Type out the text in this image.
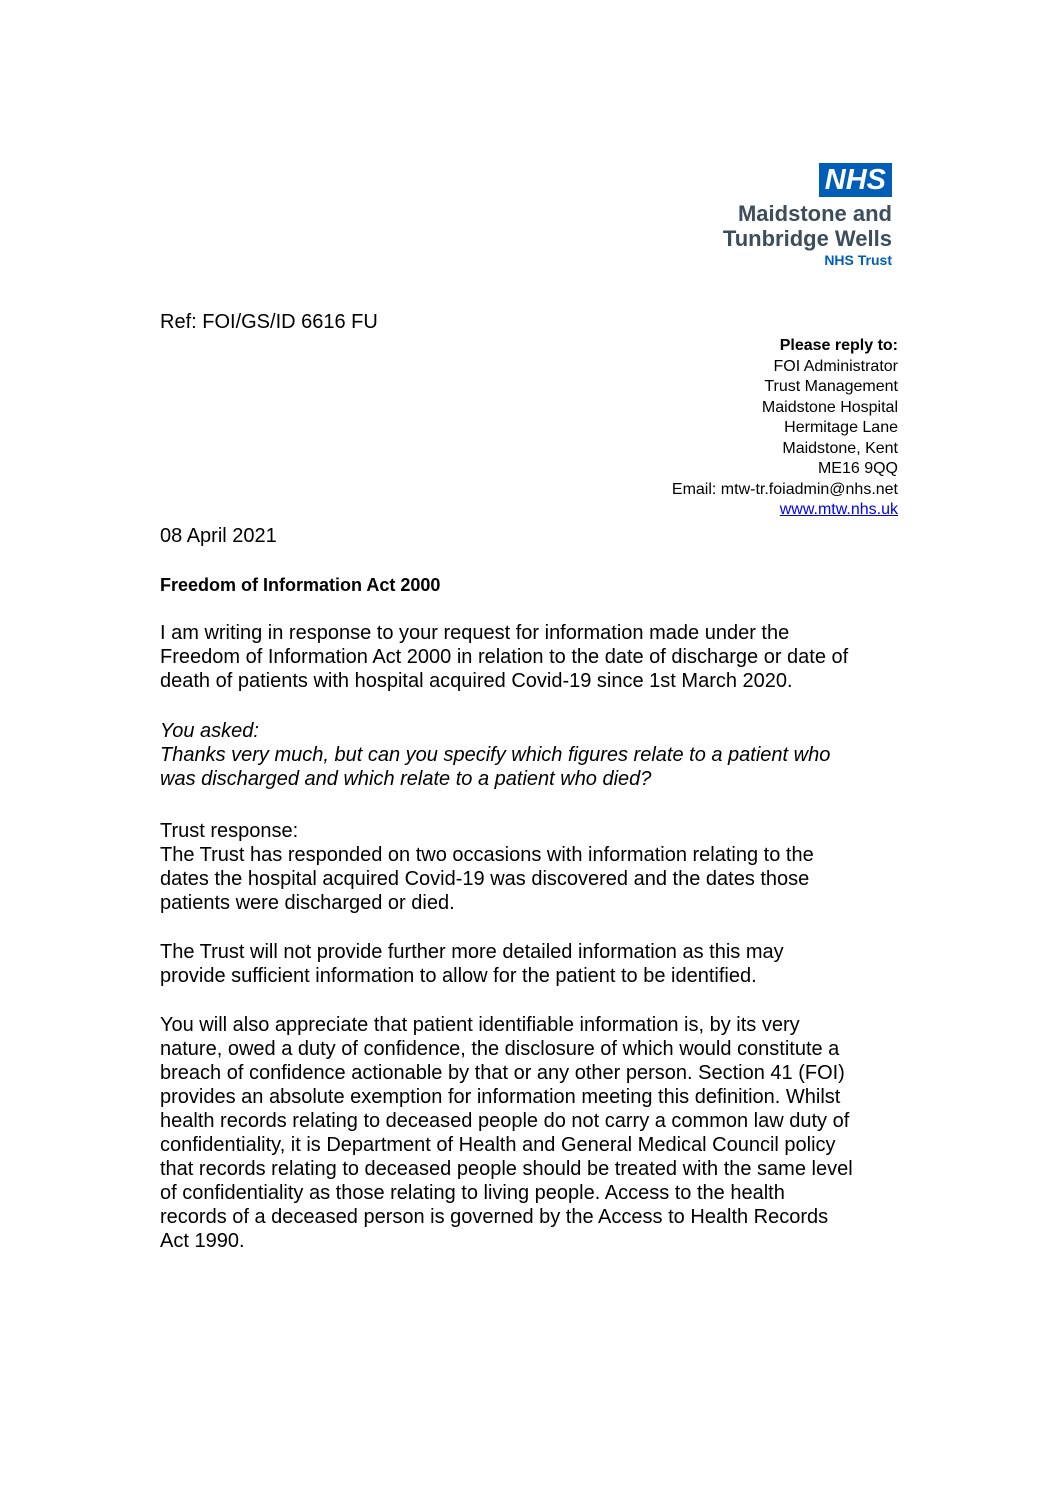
NHS
Maidstone and
Tunbridge Wells
NHS Trust
Ref: FOI/GS/ID 6616 FU
Please reply to:
FOI Administrator
Trust Management
Maidstone Hospital
Hermitage Lane
Maidstone, Kent
ME16 9QQ
Email: mtw-tr.foiadmin@nhs.net
www.mtw.nhs.uk
08 April 2021
Freedom of Information Act 2000

I am writing in response to your request for information made under the

Freedom of Information Act 2000 in relation to the date of discharge or date of

death of patients with hospital acquired Covid-19 since 1st March 2020.

You asked:

Thanks very much, but can you specify which figures relate to a patient who

was discharged and which relate to a patient who died?

Trust response:

The Trust has responded on two occasions with information relating to the

dates the hospital acquired Covid-19 was discovered and the dates those

patients were discharged or died.

The Trust will not provide further more detailed information as this may

provide sufficient information to allow for the patient to be identified.

You will also appreciate that patient identifiable information is, by its very

nature, owed a duty of confidence, the disclosure of which would constitute a

breach of confidence actionable by that or any other person. Section 41 (FOI)

provides an absolute exemption for information meeting this definition. Whilst

health records relating to deceased people do not carry a common law duty of

confidentiality, it is Department of Health and General Medical Council policy

that records relating to deceased people should be treated with the same level

of confidentiality as those relating to living people. Access to the health

records of a deceased person is governed by the Access to Health Records

Act 1990.
